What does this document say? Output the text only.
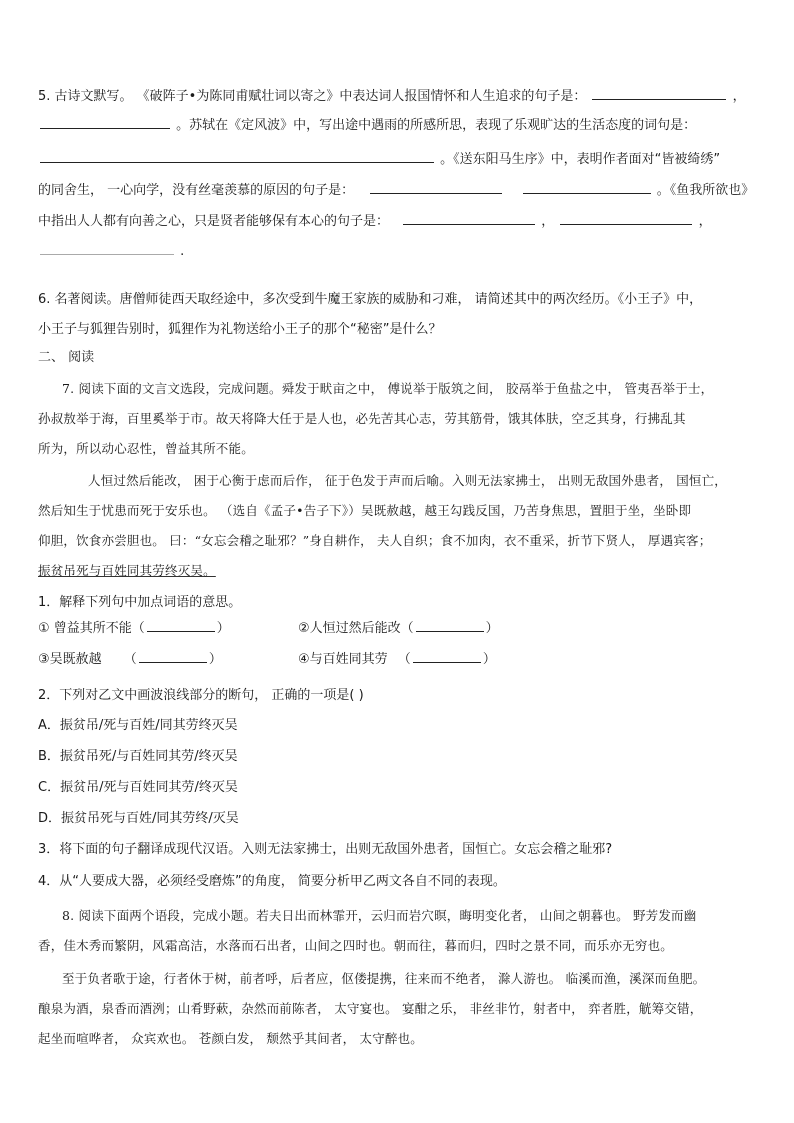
5. 古诗文默写。 《破阵子•为陈同甫赋壮词以寄之》中表达词人报国情怀和人生追求的句子是：	，
。苏轼在《定风波》中，写出途中遇雨的所感所思，表现了乐观旷达的生活态度的词句是：
。《送东阳马生序》中，表明作者面对“皆被绮绣”
的同舍生， 一心向学，没有丝毫羡慕的原因的句子是：	。《鱼我所欲也》
中指出人人都有向善之心，只是贤者能够保有本心的句子是：	，	，
.
6. 名著阅读。唐僧师徒西天取经途中，多次受到牛魔王家族的威胁和刁难， 请简述其中的两次经历。《小王子》中，
小王子与狐狸告别时，狐狸作为礼物送给小王子的那个“秘密”是什么？
二、 阅读
7. 阅读下面的文言文选段，完成问题。舜发于畎亩之中， 傅说举于版筑之间， 胶鬲举于鱼盐之中， 管夷吾举于士，
孙叔敖举于海，百里奚举于市。故天将降大任于是人也，必先苦其心志，劳其筋骨，饿其体肤，空乏其身，行拂乱其
所为，所以动心忍性，曾益其所不能。
人恒过然后能改， 困于心衡于虑而后作， 征于色发于声而后喻。入则无法家拂士， 出则无敌国外患者， 国恒亡，
然后知生于忧患而死于安乐也。 （选自《孟子•告子下》）吴既赦越，越王勾践反国，乃苦身焦思，置胆于坐，坐卧即
仰胆，饮食亦尝胆也。 曰：“女忘会稽之耻邪？”身自耕作， 夫人自织；食不加肉，衣不重采，折节下贤人， 厚遇宾客；
振贫吊死与百姓同其劳终灭吴。
1．解释下列句中加点词语的意思。
① 曾益其所不能（	）	②人恒过然后能改（	）
③吴既赦越 （	）	④与百姓同其劳 （	）
2．下列对乙文中画波浪线部分的断句， 正确的一项是( )
A．振贫吊/死与百姓/同其劳终灭吴
B．振贫吊死/与百姓同其劳/终灭吴
C．振贫吊/死与百姓同其劳/终灭吴
D．振贫吊死与百姓/同其劳终/灭吴
3．将下面的句子翻译成现代汉语。入则无法家拂士，出则无敌国外患者，国恒亡。女忘会稽之耻邪?
4．从“人要成大器，必须经受磨炼”的角度， 简要分析甲乙两文各自不同的表现。
8. 阅读下面两个语段，完成小题。若夫日出而林霏开，云归而岩穴暝，晦明变化者， 山间之朝暮也。 野芳发而幽
香，佳木秀而繁阴，风霜高洁，水落而石出者，山间之四时也。朝而往，暮而归，四时之景不同，而乐亦无穷也。
至于负者歌于途，行者休于树，前者呼，后者应，伛偻提携，往来而不绝者， 滁人游也。 临溪而渔，溪深而鱼肥。
酿泉为酒，泉香而酒洌；山肴野蔌，杂然而前陈者， 太守宴也。 宴酣之乐， 非丝非竹，射者中， 弈者胜，觥筹交错，
起坐而喧哗者， 众宾欢也。 苍颜白发， 颓然乎其间者， 太守醉也。
